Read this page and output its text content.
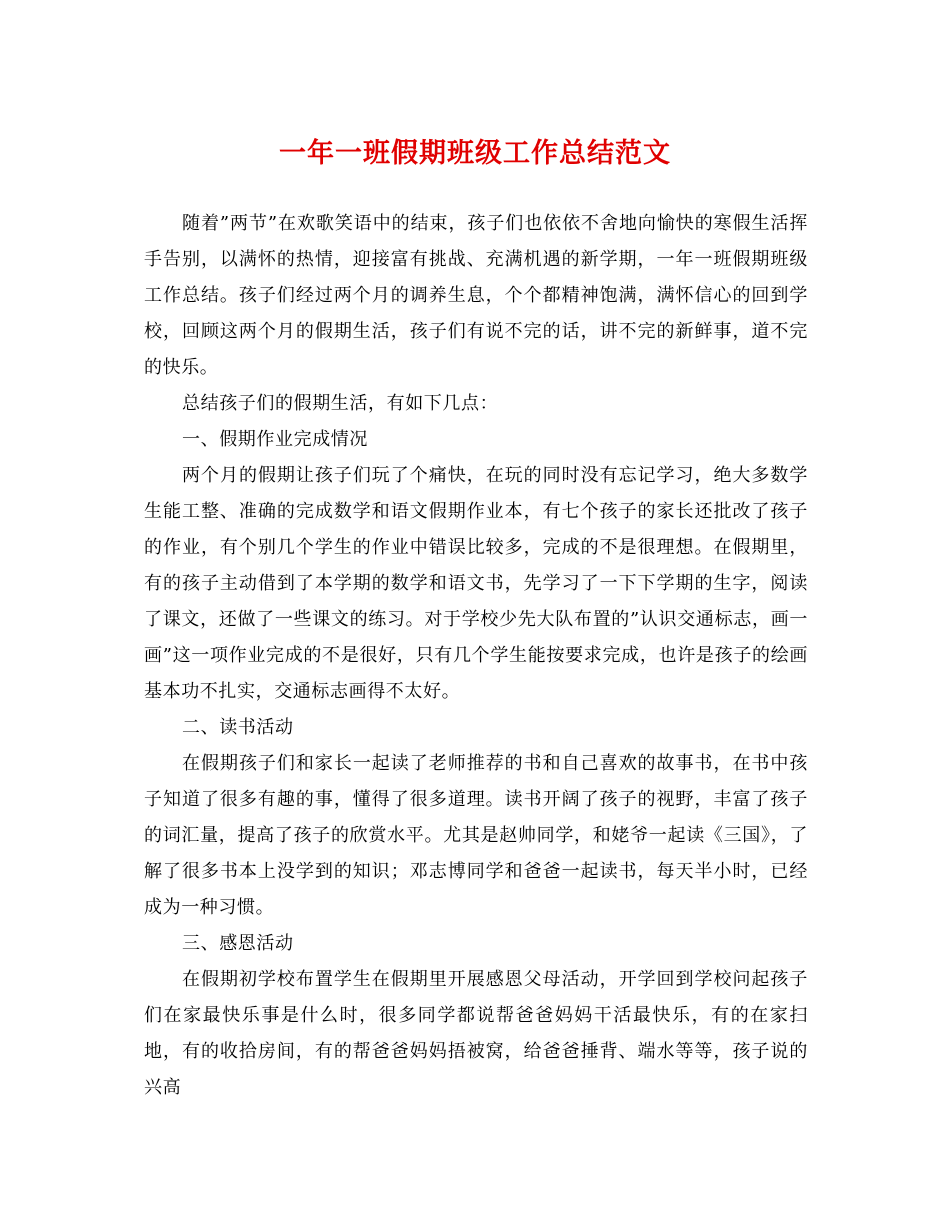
一年一班假期班级工作总结范文

随着”两节”在欢歌笑语中的结束，孩子们也依依不舍地向愉快的寒假生活挥手告别，以满怀的热情，迎接富有挑战、充满机遇的新学期，一年一班假期班级工作总结。孩子们经过两个月的调养生息，个个都精神饱满，满怀信心的回到学校，回顾这两个月的假期生活，孩子们有说不完的话，讲不完的新鲜事，道不完的快乐。

总结孩子们的假期生活，有如下几点：

一、假期作业完成情况

两个月的假期让孩子们玩了个痛快，在玩的同时没有忘记学习，绝大多数学生能工整、准确的完成数学和语文假期作业本，有七个孩子的家长还批改了孩子的作业，有个别几个学生的作业中错误比较多，完成的不是很理想。在假期里，有的孩子主动借到了本学期的数学和语文书，先学习了一下下学期的生字，阅读了课文，还做了一些课文的练习。对于学校少先大队布置的”认识交通标志，画一画”这一项作业完成的不是很好，只有几个学生能按要求完成，也许是孩子的绘画基本功不扎实，交通标志画得不太好。

二、读书活动

在假期孩子们和家长一起读了老师推荐的书和自己喜欢的故事书，在书中孩子知道了很多有趣的事，懂得了很多道理。读书开阔了孩子的视野，丰富了孩子的词汇量，提高了孩子的欣赏水平。尤其是赵帅同学，和姥爷一起读《三国》，了解了很多书本上没学到的知识；邓志博同学和爸爸一起读书，每天半小时，已经成为一种习惯。

三、感恩活动

在假期初学校布置学生在假期里开展感恩父母活动，开学回到学校问起孩子们在家最快乐事是什么时，很多同学都说帮爸爸妈妈干活最快乐，有的在家扫地，有的收拾房间，有的帮爸爸妈妈捂被窝，给爸爸捶背、端水等等，孩子说的兴高
